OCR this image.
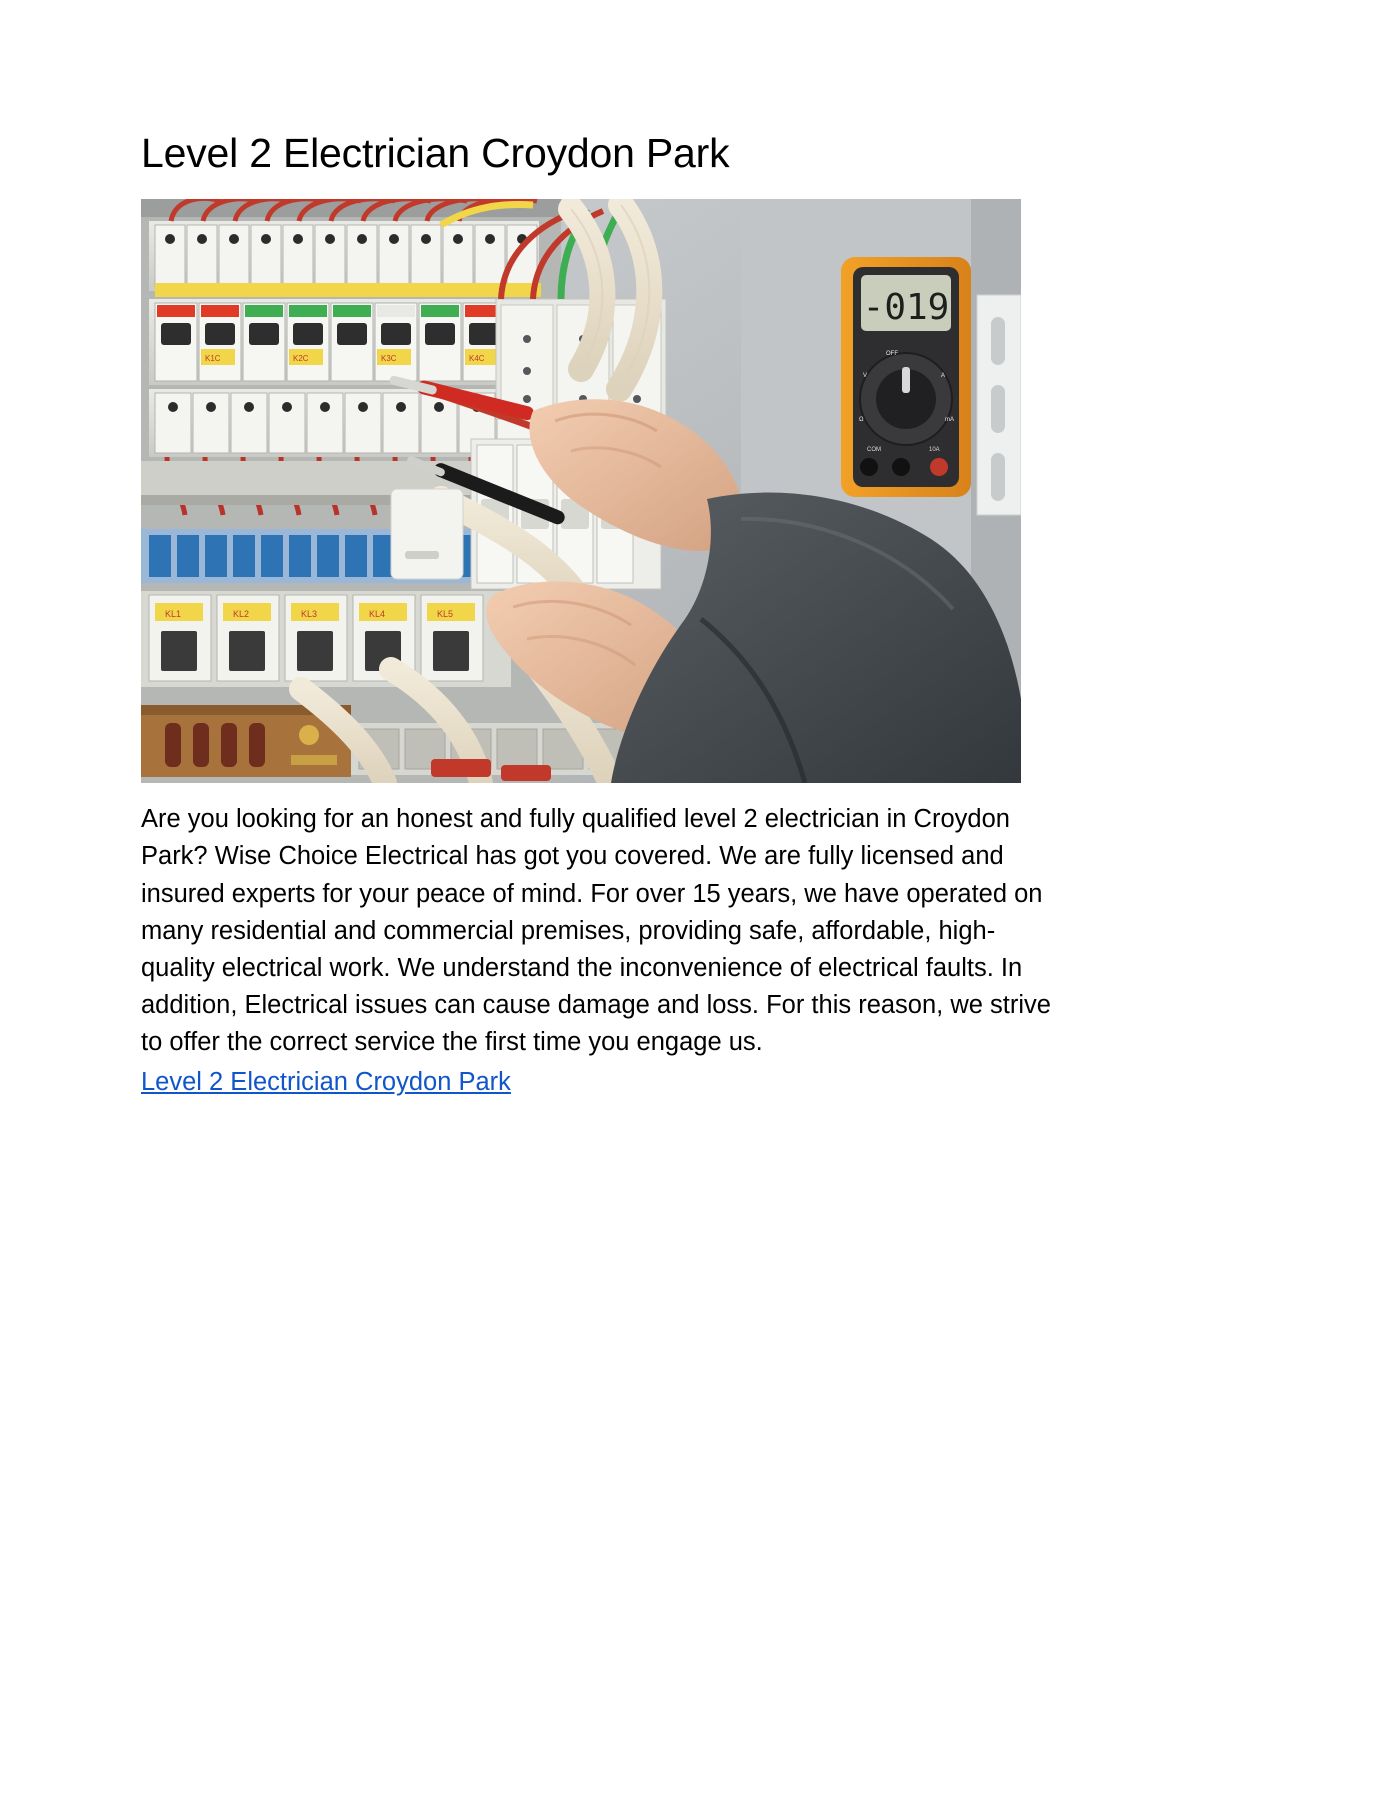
Level 2 Electrician Croydon Park
K1C	K2C	K3C	K4C
KL1	KL2	KL3	KL4	KL5
-019
V	A
Ω	mA
OFF
COM	10A

Are you looking for an honest and fully qualified level 2 electrician in Croydon Park? Wise Choice Electrical has got you covered. We are fully licensed and insured experts for your peace of mind. For over 15 years, we have operated on many residential and commercial premises, providing safe, affordable, high-quality electrical work. We understand the inconvenience of electrical faults. In addition, Electrical issues can cause damage and loss. For this reason, we strive to offer the correct service the first time you engage us.

Level 2 Electrician Croydon Park
